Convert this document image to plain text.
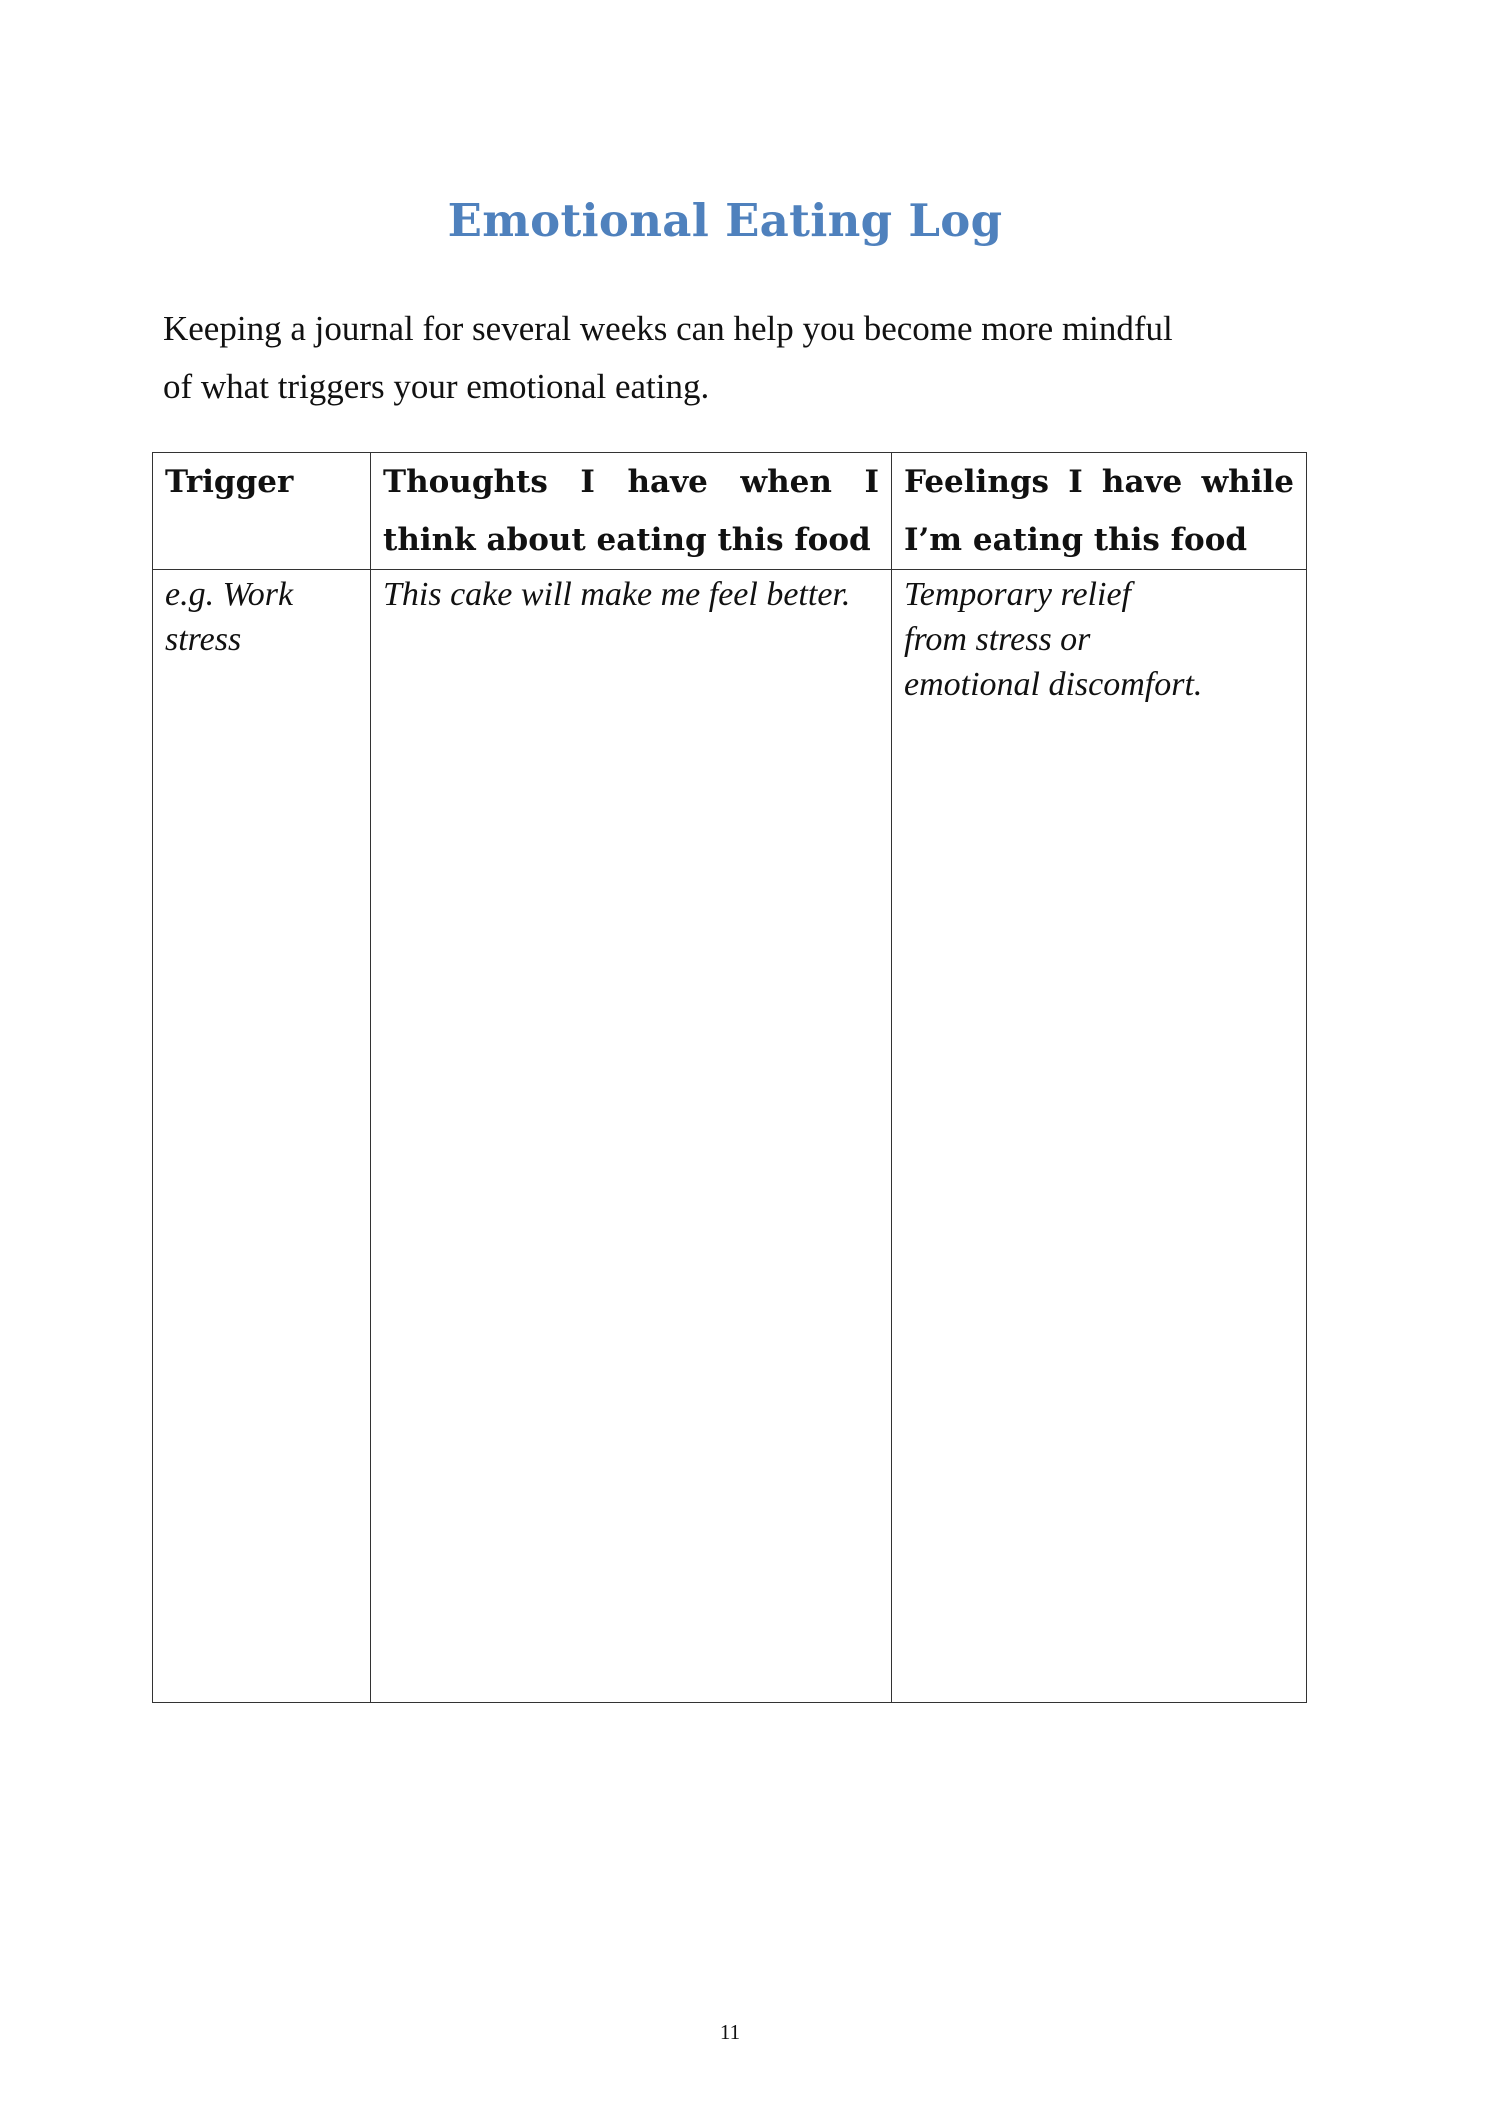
Emotional Eating Log

Keeping a journal for several weeks can help you become more mindful

of what triggers your emotional eating.

Trigger	Thoughts I have when I think about eating this food	Feelings I have while I’m eating this food
e.g. Work stress	This cake will make me feel better.	Temporary relief
from stress or
emotional discomfort.
11
